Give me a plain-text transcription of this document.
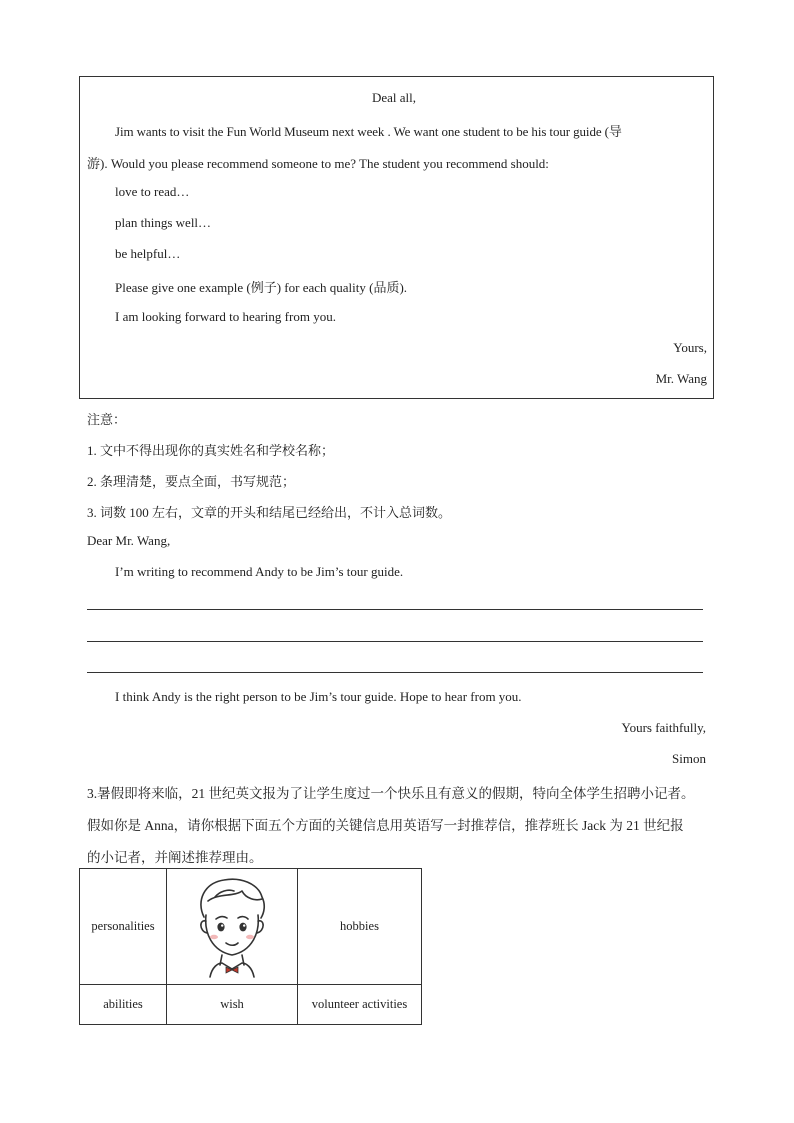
Deal all,
Jim wants to visit the Fun World Museum next week . We want one student to be his tour guide (导
游). Would you please recommend someone to me? The student you recommend should:
love to read…
plan things well…
be helpful…
Please give one example (例子) for each quality (品质).
I am looking forward to hearing from you.
Yours,
Mr. Wang
注意：
1. 文中不得出现你的真实姓名和学校名称；
2. 条理清楚，要点全面，书写规范；
3. 词数 100 左右，文章的开头和结尾已经给出，不计入总词数。
Dear Mr. Wang,
I’m writing to recommend Andy to be Jim’s tour guide.
I think Andy is the right person to be Jim’s tour guide. Hope to hear from you.
Yours faithfully,
Simon
3.暑假即将来临，21 世纪英文报为了让学生度过一个快乐且有意义的假期，特向全体学生招聘小记者。
假如你是 Anna，请你根据下面五个方面的关键信息用英语写一封推荐信，推荐班长 Jack 为 21 世纪报
的小记者，并阐述推荐理由。
personalities		hobbies
abilities	wish	volunteer activities
